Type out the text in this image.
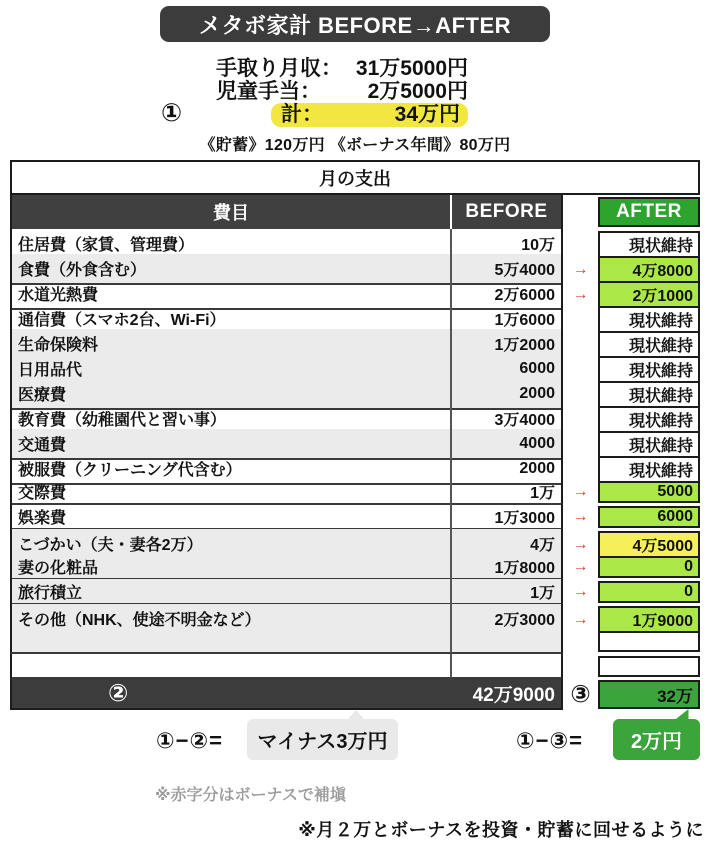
メタボ家計 BEFORE→AFTER
①
手取り月収： 31万5000円
児童手当： 2万5000円
計：	34万円
《貯蓄》120万円 《ボーナス年間》80万円
月の支出
費目	BEFORE	AFTER
住居費（家賃、管理費）	10万	現状維持
食費（外食含む）	5万4000	→	4万8000
水道光熱費	2万6000	→	2万1000
通信費（スマホ2台、Wi-Fi）	1万6000	現状維持
生命保険料	1万2000	現状維持
日用品代	6000	現状維持
医療費	2000	現状維持
教育費（幼稚園代と習い事）	3万4000	現状維持
交通費	4000	現状維持
被服費（クリーニング代含む）	2000	現状維持
交際費	1万	→	5000
娯楽費	1万3000	→	6000
こづかい（夫・妻各2万）	4万	→	4万5000
妻の化粧品	1万8000	→	0
旅行積立	1万	→	0
その他（NHK、使途不明金など）	2万3000	→	1万9000
②	42万9000 ③	32万
①−②=	マイナス3万円	①−③=	2万円
※赤字分はボーナスで補塡
※月２万とボーナスを投資・貯蓄に回せるように
